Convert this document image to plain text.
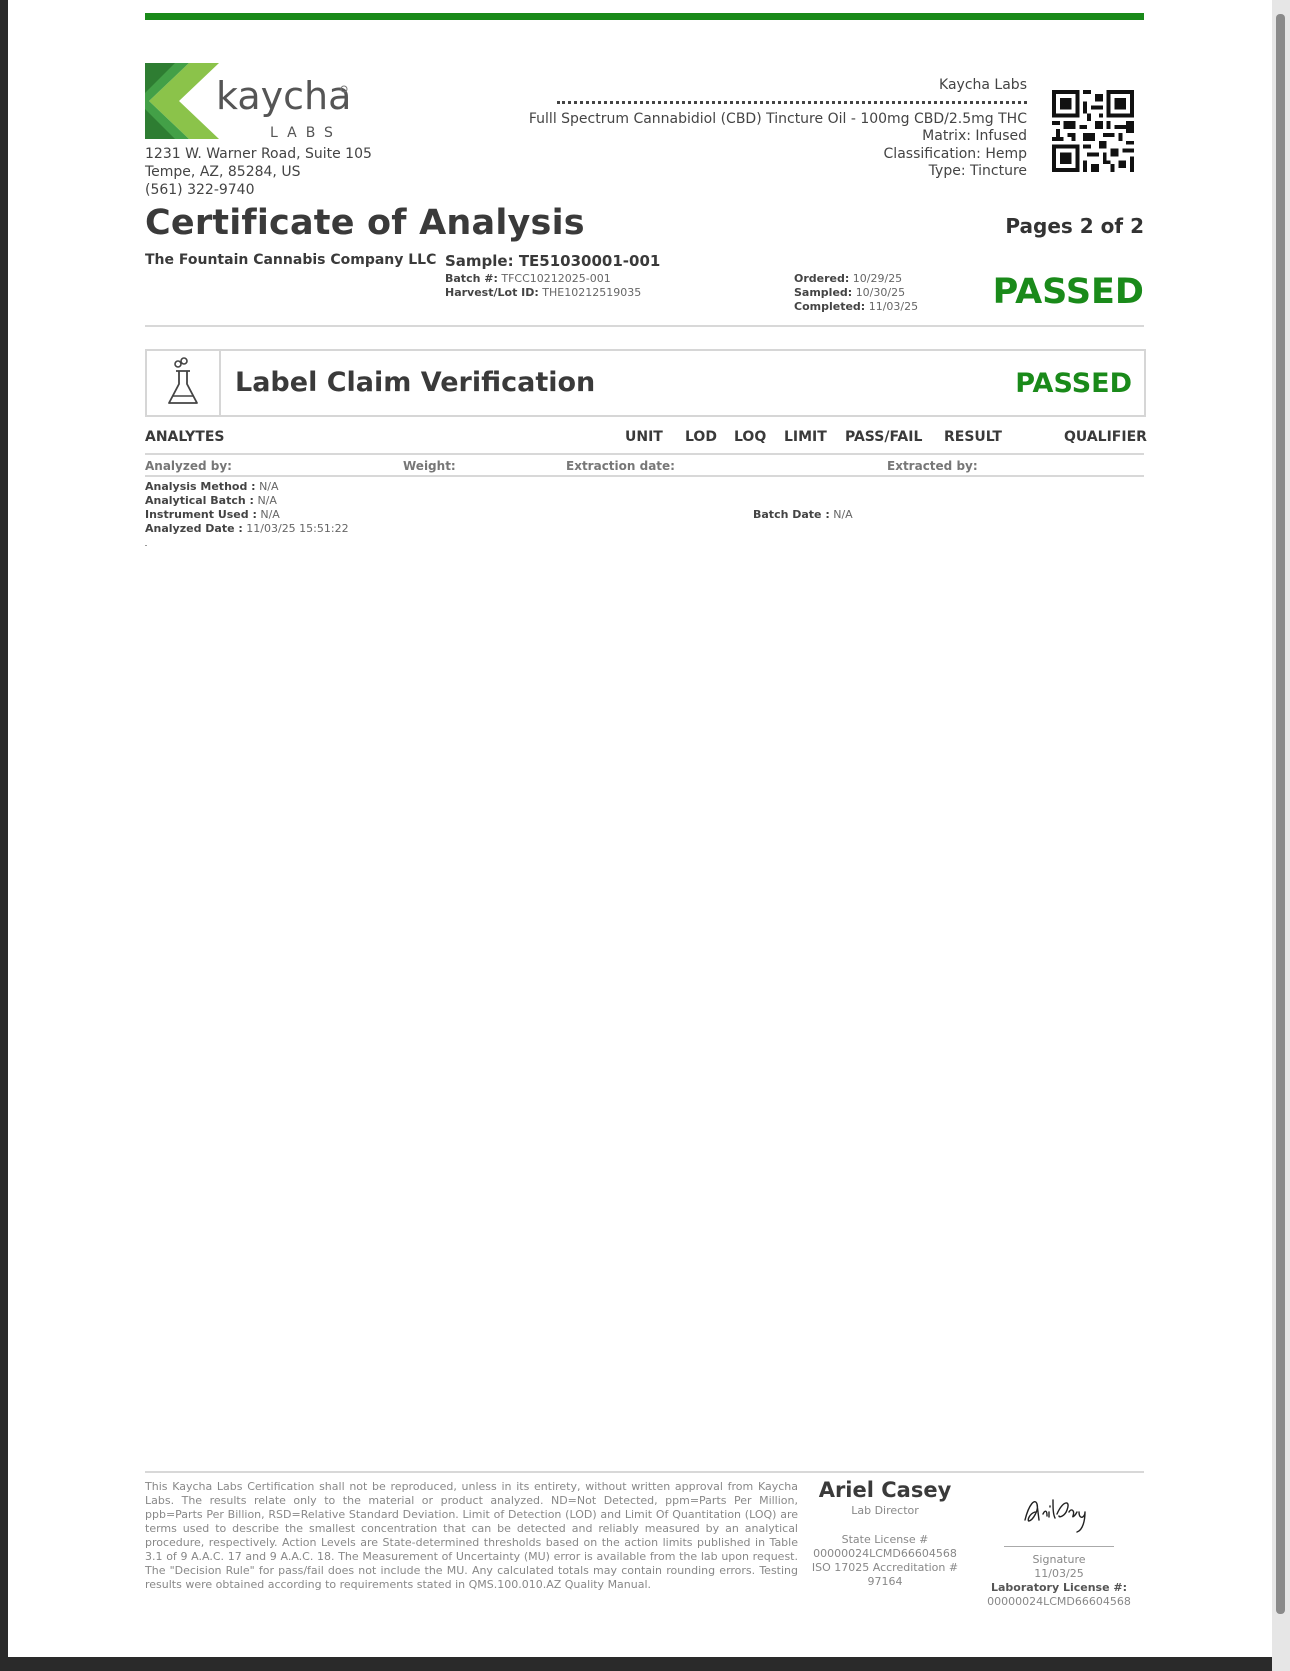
kaycha
LABS
1231 W. Warner Road, Suite 105
Tempe, AZ, 85284, US
(561) 322-9740
Kaycha Labs
Fulll Spectrum Cannabidiol (CBD) Tincture Oil - 100mg CBD/2.5mg THC
Matrix: Infused
Classification: Hemp
Type: Tincture
Certificate of Analysis	Pages 2 of 2
The Fountain Cannabis Company LLC Sample: TE51030001-001
Batch #: TFCC10212025-001
Harvest/Lot ID: THE10212519035
Ordered: 10/29/25
Sampled: 10/30/25
Completed: 11/03/25 PASSED
Label Claim Verification	PASSED
ANALYTES	UNIT LOD LOQ LIMIT PASS/FAIL RESULT	QUALIFIER
Analyzed by:	Weight:	Extraction date:	Extracted by:
Analysis Method : N/A
Analytical Batch : N/A
Instrument Used : N/A
Analyzed Date : 11/03/25 15:51:22
Batch Date : N/A
This Kaycha Labs Certification shall not be reproduced, unless in its entirety, without written approval from Kaycha Labs. The results relate only to the material or product analyzed. ND=Not Detected, ppm=Parts Per Million, ppb=Parts Per Billion, RSD=Relative Standard Deviation. Limit of Detection (LOD) and Limit Of Quantitation (LOQ) are terms used to describe the smallest concentration that can be detected and reliably measured by an analytical procedure, respectively. Action Levels are State-determined thresholds based on the action limits published in Table 3.1 of 9 A.A.C. 17 and 9 A.A.C. 18. The Measurement of Uncertainty (MU) error is available from the lab upon request. The "Decision Rule" for pass/fail does not include the MU. Any calculated totals may contain rounding errors. Testing results were obtained according to requirements stated in QMS.100.010.AZ Quality Manual.
Ariel Casey
Lab Director
State License #
00000024LCMD66604568
ISO 17025 Accreditation #
97164
Signature
11/03/25
Laboratory License #:
00000024LCMD66604568
